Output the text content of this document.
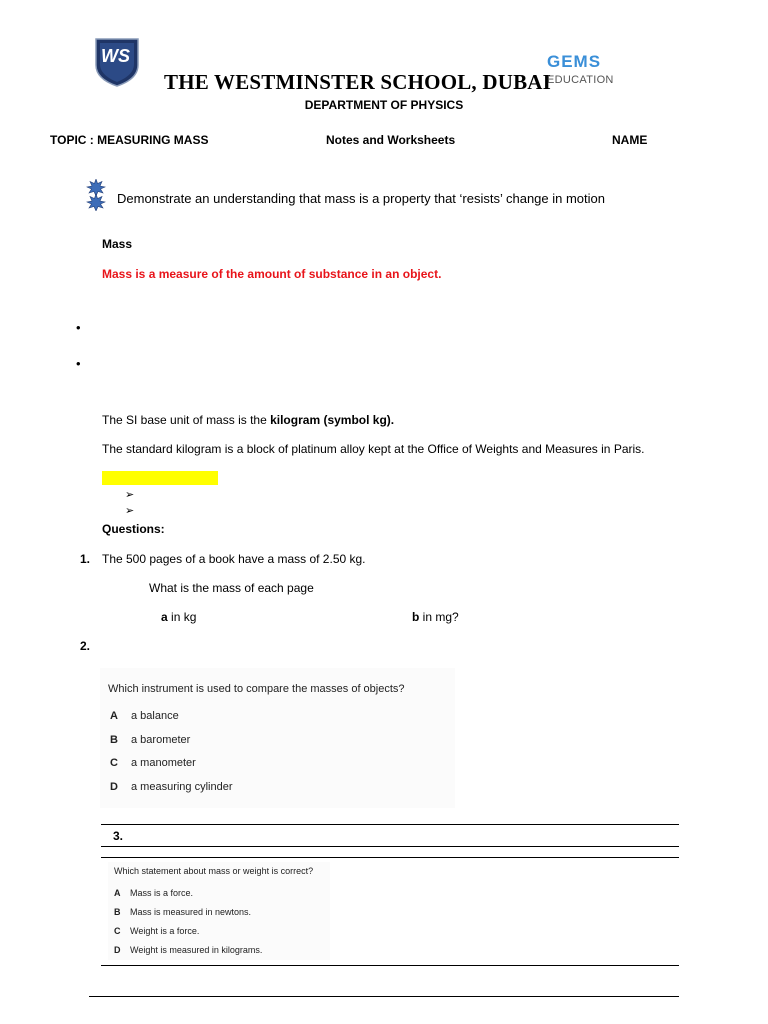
WS
THE WESTMINSTER SCHOOL, DUBAI
GEMS
EDUCATION
DEPARTMENT OF PHYSICS
TOPIC : MEASURING MASS	Notes and Worksheets	NAME
Demonstrate an understanding that mass is a property that ‘resists’ change in motion
Mass
Mass is a measure of the amount of substance in an object.
•
•
The SI base unit of mass is the kilogram (symbol kg).
The standard kilogram is a block of platinum alloy kept at the Office of Weights and Measures in Paris.
➢
➢
Questions:
1. The 500 pages of a book have a mass of 2.50 kg.
What is the mass of each page
a in kg	b in mg?
2.
Which instrument is used to compare the masses of objects?
A a balance
B a barometer
C a manometer
D a measuring cylinder
3.
Which statement about mass or weight is correct?
A Mass is a force.
B Mass is measured in newtons.
C Weight is a force.
D Weight is measured in kilograms.
